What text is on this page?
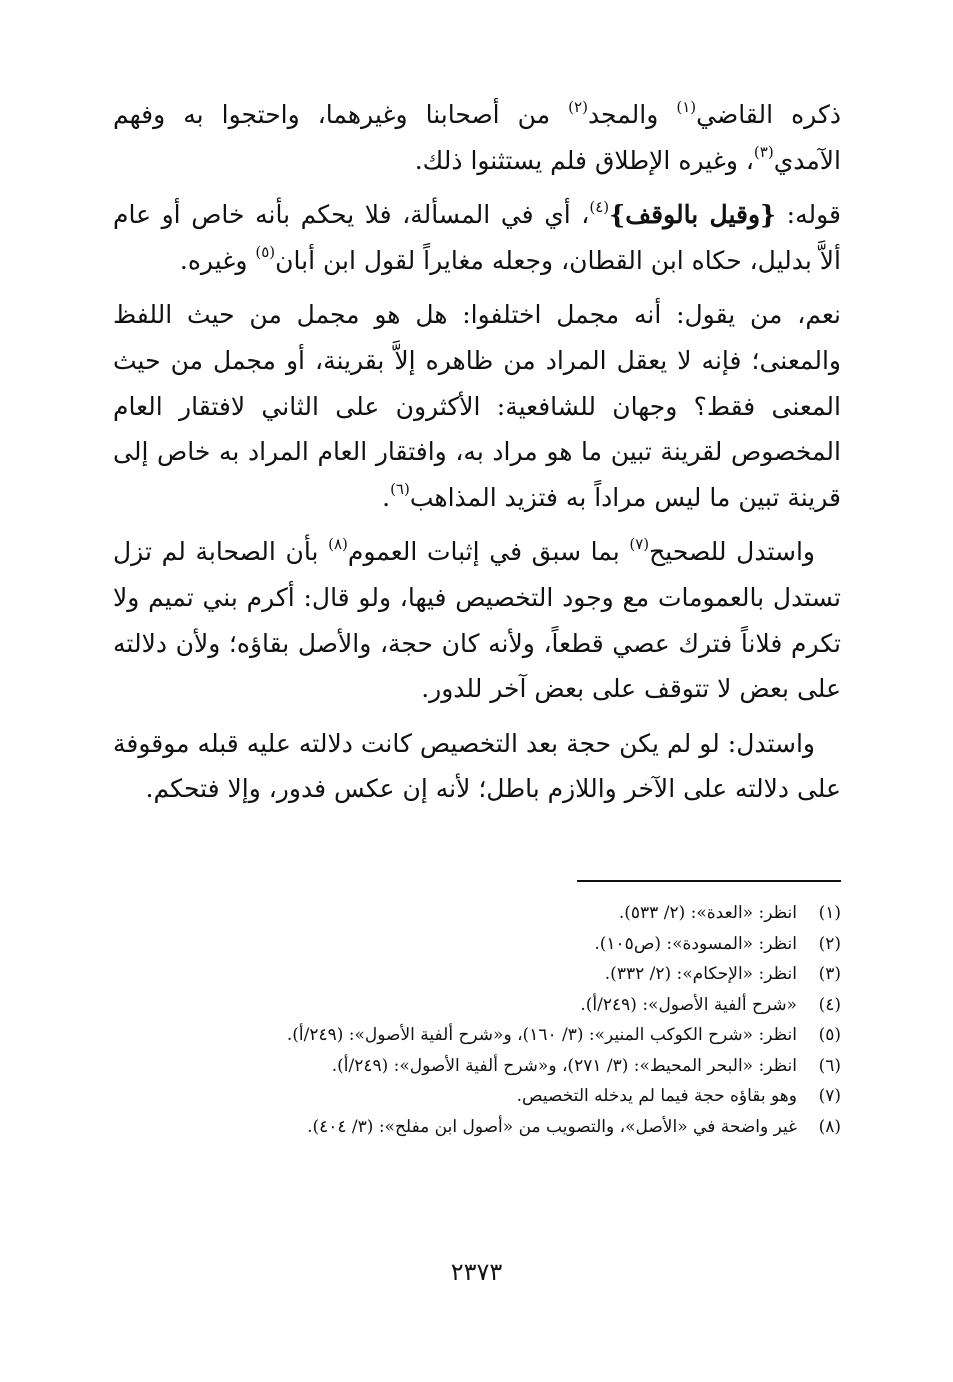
ذكره القاضي$^{(١)}$ والمجد$^{(٢)}$ من أصحابنا وغيرهما، واحتجوا به وفهم الآمدي$^{(٣)}$، وغيره الإطلاق فلم يستثنوا ذلك.

قوله: {وقيل بالوقف}$^{(٤)}$، أي في المسألة، فلا يحكم بأنه خاص أو عام ألاَّ بدليل، حكاه ابن القطان، وجعله مغايراً لقول ابن أبان$^{(٥)}$ وغيره.

نعم، من يقول: أنه مجمل اختلفوا: هل هو مجمل من حيث اللفظ والمعنى؛ فإنه لا يعقل المراد من ظاهره إلاَّ بقرينة، أو مجمل من حيث المعنى فقط؟ وجهان للشافعية: الأكثرون على الثاني لافتقار العام المخصوص لقرينة تبين ما هو مراد به، وافتقار العام المراد به خاص إلى قرينة تبين ما ليس مراداً به فتزيد المذاهب$^{(٦)}$.

واستدل للصحيح$^{(٧)}$ بما سبق في إثبات العموم$^{(٨)}$ بأن الصحابة لم تزل تستدل بالعمومات مع وجود التخصيص فيها، ولو قال: أكرم بني تميم ولا تكرم فلاناً فترك عصي قطعاً، ولأنه كان حجة، والأصل بقاؤه؛ ولأن دلالته على بعض لا تتوقف على بعض آخر للدور.

واستدل: لو لم يكن حجة بعد التخصيص كانت دلالته عليه قبله موقوفة على دلالته على الآخر واللازم باطل؛ لأنه إن عكس فدور، وإلا فتحكم.

(١)
انظر: «العدة»: (٢/ ٥٣٣).
(٢)
انظر: «المسودة»: (ص١٠٥).
(٣)
انظر: «الإحكام»: (٢/ ٣٣٢).
(٤)
«شرح ألفية الأصول»: (٢٤٩/أ).
(٥)
انظر: «شرح الكوكب المنير»: (٣/ ١٦٠)، و«شرح ألفية الأصول»: (٢٤٩/أ).
(٦)
انظر: «البحر المحيط»: (٣/ ٢٧١)، و«شرح ألفية الأصول»: (٢٤٩/أ).
(٧)
وهو بقاؤه حجة فيما لم يدخله التخصيص.
(٨)
غير واضحة في «الأصل»، والتصويب من «أصول ابن مفلح»: (٣/ ٤٠٤).
٢٣٧٣
